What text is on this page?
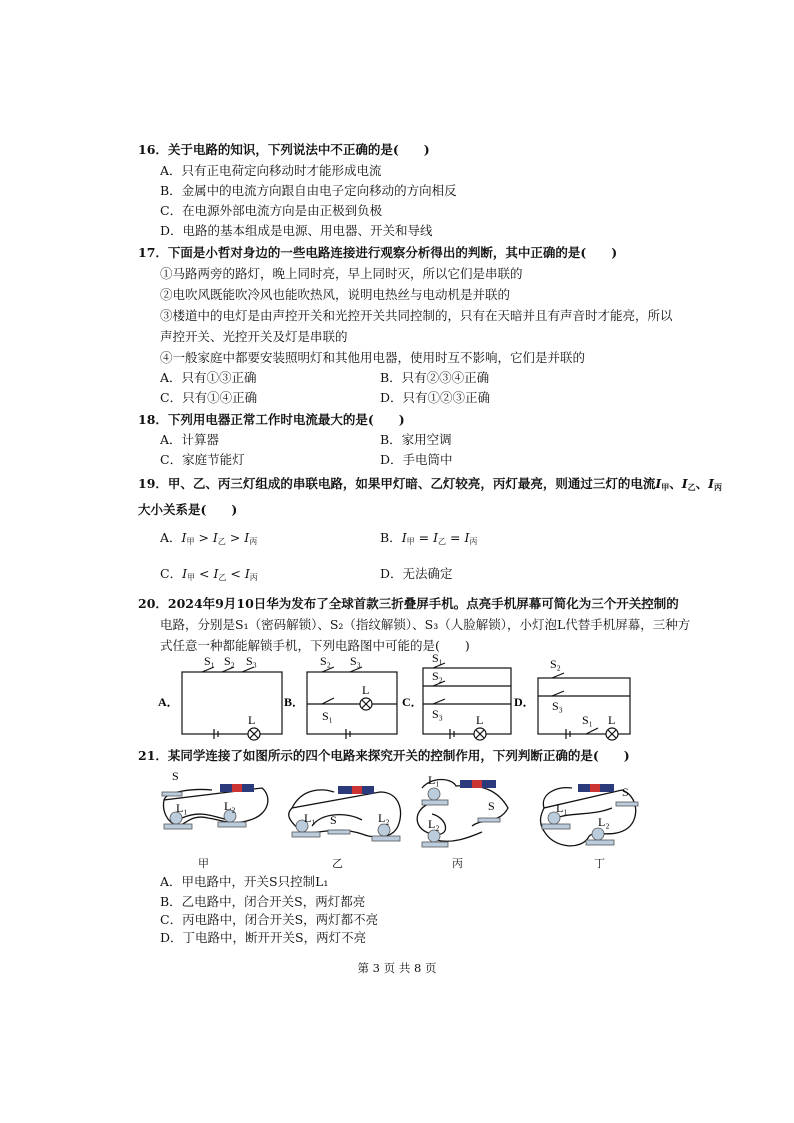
16．关于电路的知识，下列说法中不正确的是(　　)
A．只有正电荷定向移动时才能形成电流
B．金属中的电流方向跟自由电子定向移动的方向相反
C．在电源外部电流方向是由正极到负极
D．电路的基本组成是电源、用电器、开关和导线
17．下面是小哲对身边的一些电路连接进行观察分析得出的判断，其中正确的是(　　)
①马路两旁的路灯，晚上同时亮，早上同时灭，所以它们是串联的
②电吹风既能吹冷风也能吹热风，说明电热丝与电动机是并联的
③楼道中的电灯是由声控开关和光控开关共同控制的，只有在天暗并且有声音时才能亮，所以
声控开关、光控开关及灯是串联的
④一般家庭中都要安装照明灯和其他用电器，使用时互不影响，它们是并联的
A．只有①③正确	B．只有②③④正确
C．只有①④正确	D．只有①②③正确
18．下列用电器正常工作时电流最大的是(　　)
A．计算器	B．家用空调
C．家庭节能灯	D．手电筒中
19．甲、乙、丙三灯组成的串联电路，如果甲灯暗、乙灯较亮，丙灯最亮，则通过三灯的电流$I_甲$、$I_乙$、$I_丙$
大小关系是(　　)
A．$I_甲 > I_乙 > I_丙$	B．$I_甲 = I_乙 = I_丙$
C．$I_甲 < I_乙 < I_丙$	D．无法确定
20．2024年9月10日华为发布了全球首款三折叠屏手机。点亮手机屏幕可简化为三个开关控制的
电路，分别是S₁（密码解锁）、S₂（指纹解锁）、S₃（人脸解锁），小灯泡L代替手机屏幕，三种方
式任意一种都能解锁手机，下列电路图中可能的是(　　)
A．
S₁ S₂ S₃
L
B．
S₂ S₃
S₁
L
C．
S₁
S₂
S₃	L
D．
S₂
S₃
S₁ L
21．某同学连接了如图所示的四个电路来探究开关的控制作用，下列判断正确的是(　　)
S
L₁	L₂
L₁ S	L₂
L₁
S
L₂
L₁
S
L₂
甲	乙	丙	丁
A．甲电路中，开关S只控制L₁
B．乙电路中，闭合开关S，两灯都亮
C．丙电路中，闭合开关S，两灯都不亮
D．丁电路中，断开开关S，两灯不亮
第 3 页 共 8 页
